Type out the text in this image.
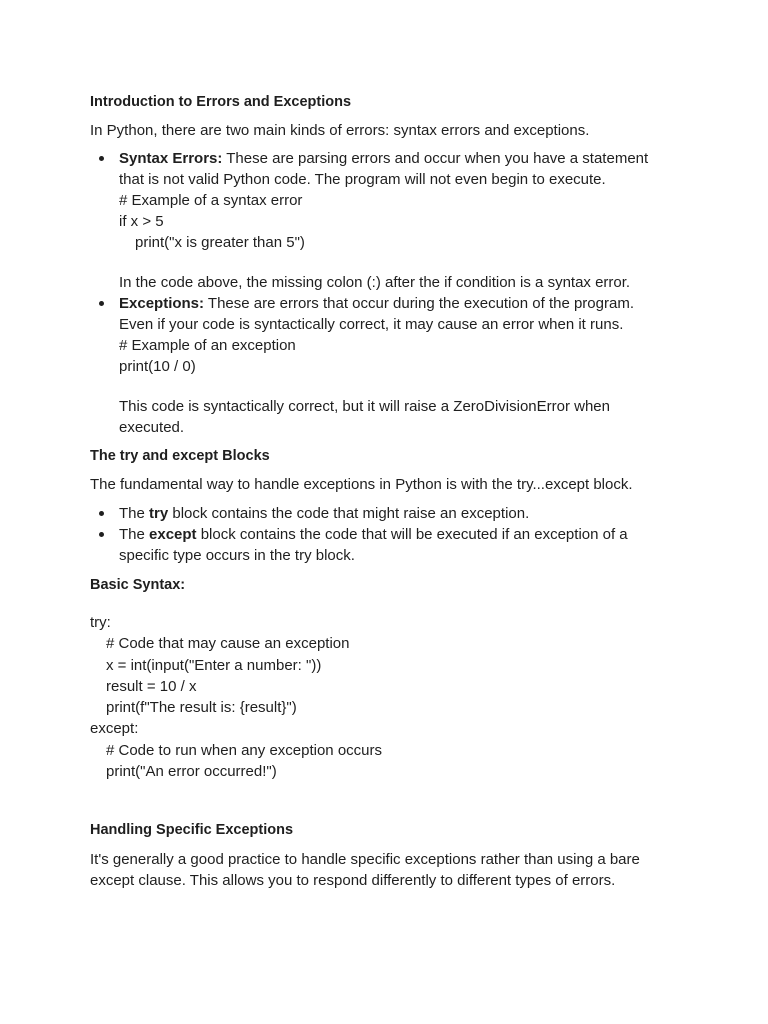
Introduction to Errors and Exceptions

In Python, there are two main kinds of errors: syntax errors and exceptions.

Syntax Errors: These are parsing errors and occur when you have a statement
that is not valid Python code. The program will not even begin to execute.
# Example of a syntax error
if x > 5
print("x is greater than 5")
In the code above, the missing colon (:) after the if condition is a syntax error.
Exceptions: These are errors that occur during the execution of the program.
Even if your code is syntactically correct, it may cause an error when it runs.
# Example of an exception
print(10 / 0)
This code is syntactically correct, but it will raise a ZeroDivisionError when
executed.

The try and except Blocks

The fundamental way to handle exceptions in Python is with the try...except block.

The try block contains the code that might raise an exception.
The except block contains the code that will be executed if an exception of a
specific type occurs in the try block.

Basic Syntax:

try:
# Code that may cause an exception
x = int(input("Enter a number: "))
result = 10 / x
print(f"The result is: {result}")
except:
# Code to run when any exception occurs
print("An error occurred!")

Handling Specific Exceptions

It's generally a good practice to handle specific exceptions rather than using a bare

except clause. This allows you to respond differently to different types of errors.
